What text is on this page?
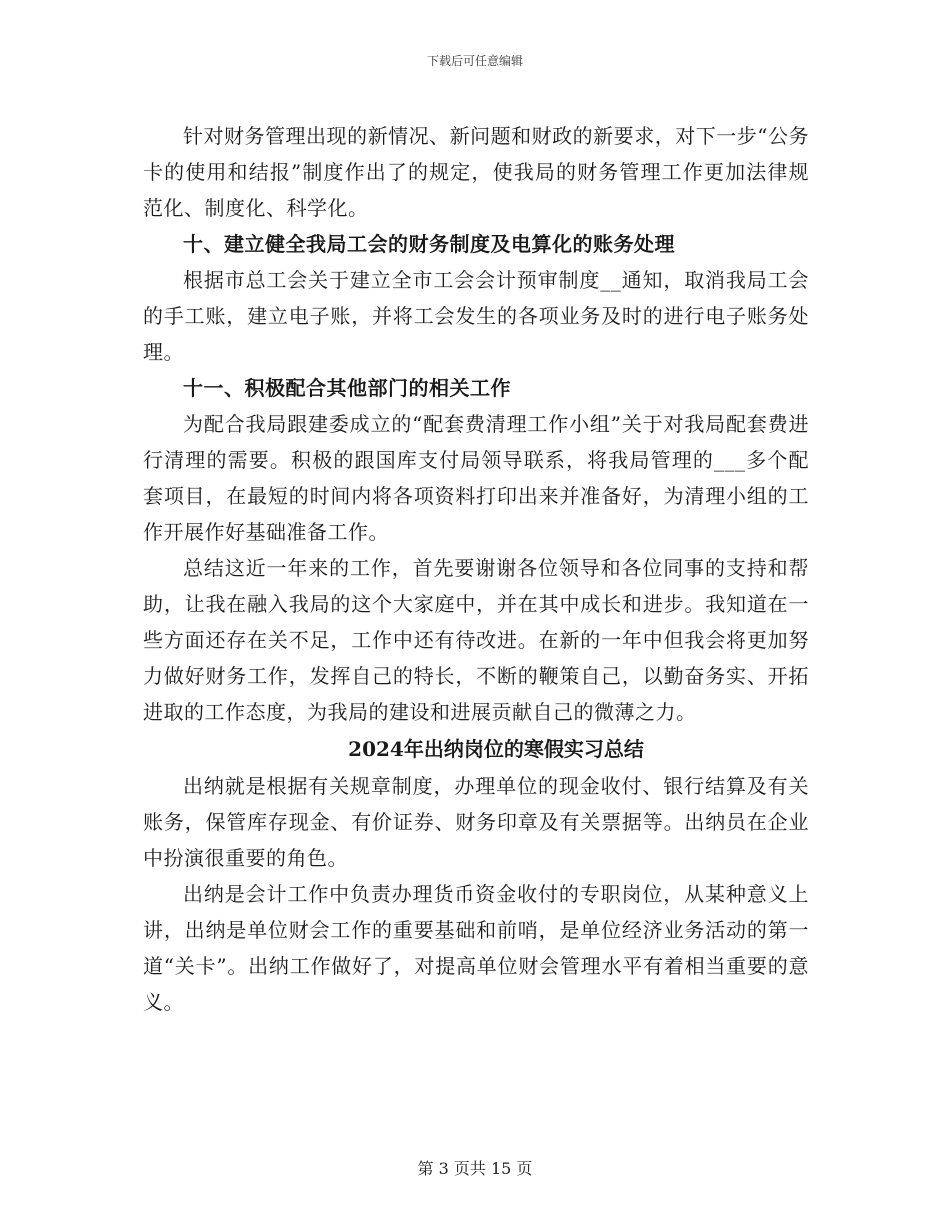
下载后可任意编辑

针对财务管理出现的新情况、新问题和财政的新要求，对下一步“公务卡的使用和结报”制度作出了的规定，使我局的财务管理工作更加法律规范化、制度化、科学化。

十、建立健全我局工会的财务制度及电算化的账务处理

根据市总工会关于建立全市工会会计预审制度__通知，取消我局工会的手工账，建立电子账，并将工会发生的各项业务及时的进行电子账务处理。

十一、积极配合其他部门的相关工作

为配合我局跟建委成立的“配套费清理工作小组”关于对我局配套费进行清理的需要。积极的跟国库支付局领导联系，将我局管理的___多个配套项目，在最短的时间内将各项资料打印出来并准备好，为清理小组的工作开展作好基础准备工作。

总结这近一年来的工作，首先要谢谢各位领导和各位同事的支持和帮助，让我在融入我局的这个大家庭中，并在其中成长和进步。我知道在一些方面还存在关不足，工作中还有待改进。在新的一年中但我会将更加努力做好财务工作，发挥自己的特长，不断的鞭策自己，以勤奋务实、开拓进取的工作态度，为我局的建设和进展贡献自己的微薄之力。

2024年出纳岗位的寒假实习总结

出纳就是根据有关规章制度，办理单位的现金收付、银行结算及有关账务，保管库存现金、有价证券、财务印章及有关票据等。出纳员在企业中扮演很重要的角色。

出纳是会计工作中负责办理货币资金收付的专职岗位，从某种意义上讲，出纳是单位财会工作的重要基础和前哨，是单位经济业务活动的第一道“关卡”。出纳工作做好了，对提高单位财会管理水平有着相当重要的意义。

第 3 页共 15 页
